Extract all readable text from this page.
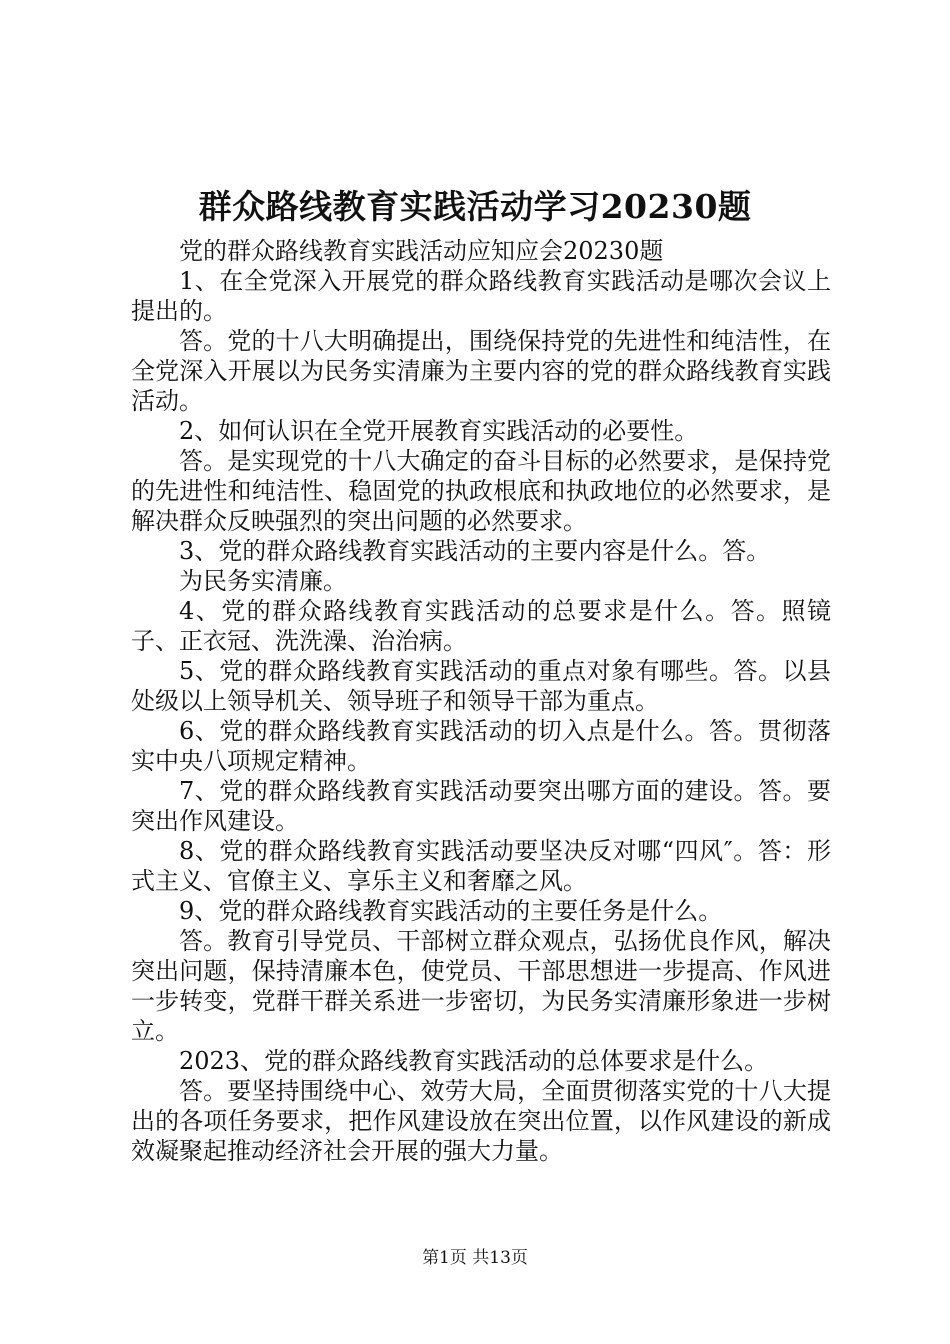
群众路线教育实践活动学习20230题

党的群众路线教育实践活动应知应会20230题

1、在全党深入开展党的群众路线教育实践活动是哪次会议上提出的。

答。党的十八大明确提出，围绕保持党的先进性和纯洁性，在全党深入开展以为民务实清廉为主要内容的党的群众路线教育实践活动。

2、如何认识在全党开展教育实践活动的必要性。

答。是实现党的十八大确定的奋斗目标的必然要求，是保持党的先进性和纯洁性、稳固党的执政根底和执政地位的必然要求，是解决群众反映强烈的突出问题的必然要求。

3、党的群众路线教育实践活动的主要内容是什么。答。

为民务实清廉。

4、党的群众路线教育实践活动的总要求是什么。答。照镜子、正衣冠、洗洗澡、治治病。

5、党的群众路线教育实践活动的重点对象有哪些。答。以县处级以上领导机关、领导班子和领导干部为重点。

6、党的群众路线教育实践活动的切入点是什么。答。贯彻落实中央八项规定精神。

7、党的群众路线教育实践活动要突出哪方面的建设。答。要突出作风建设。

8、党的群众路线教育实践活动要坚决反对哪“四风″。答：形式主义、官僚主义、享乐主义和奢靡之风。

9、党的群众路线教育实践活动的主要任务是什么。

答。教育引导党员、干部树立群众观点，弘扬优良作风，解决突出问题，保持清廉本色，使党员、干部思想进一步提高、作风进一步转变，党群干群关系进一步密切，为民务实清廉形象进一步树立。

2023、党的群众路线教育实践活动的总体要求是什么。

答。要坚持围绕中心、效劳大局，全面贯彻落实党的十八大提出的各项任务要求，把作风建设放在突出位置，以作风建设的新成效凝聚起推动经济社会开展的强大力量。

第1页 共13页
